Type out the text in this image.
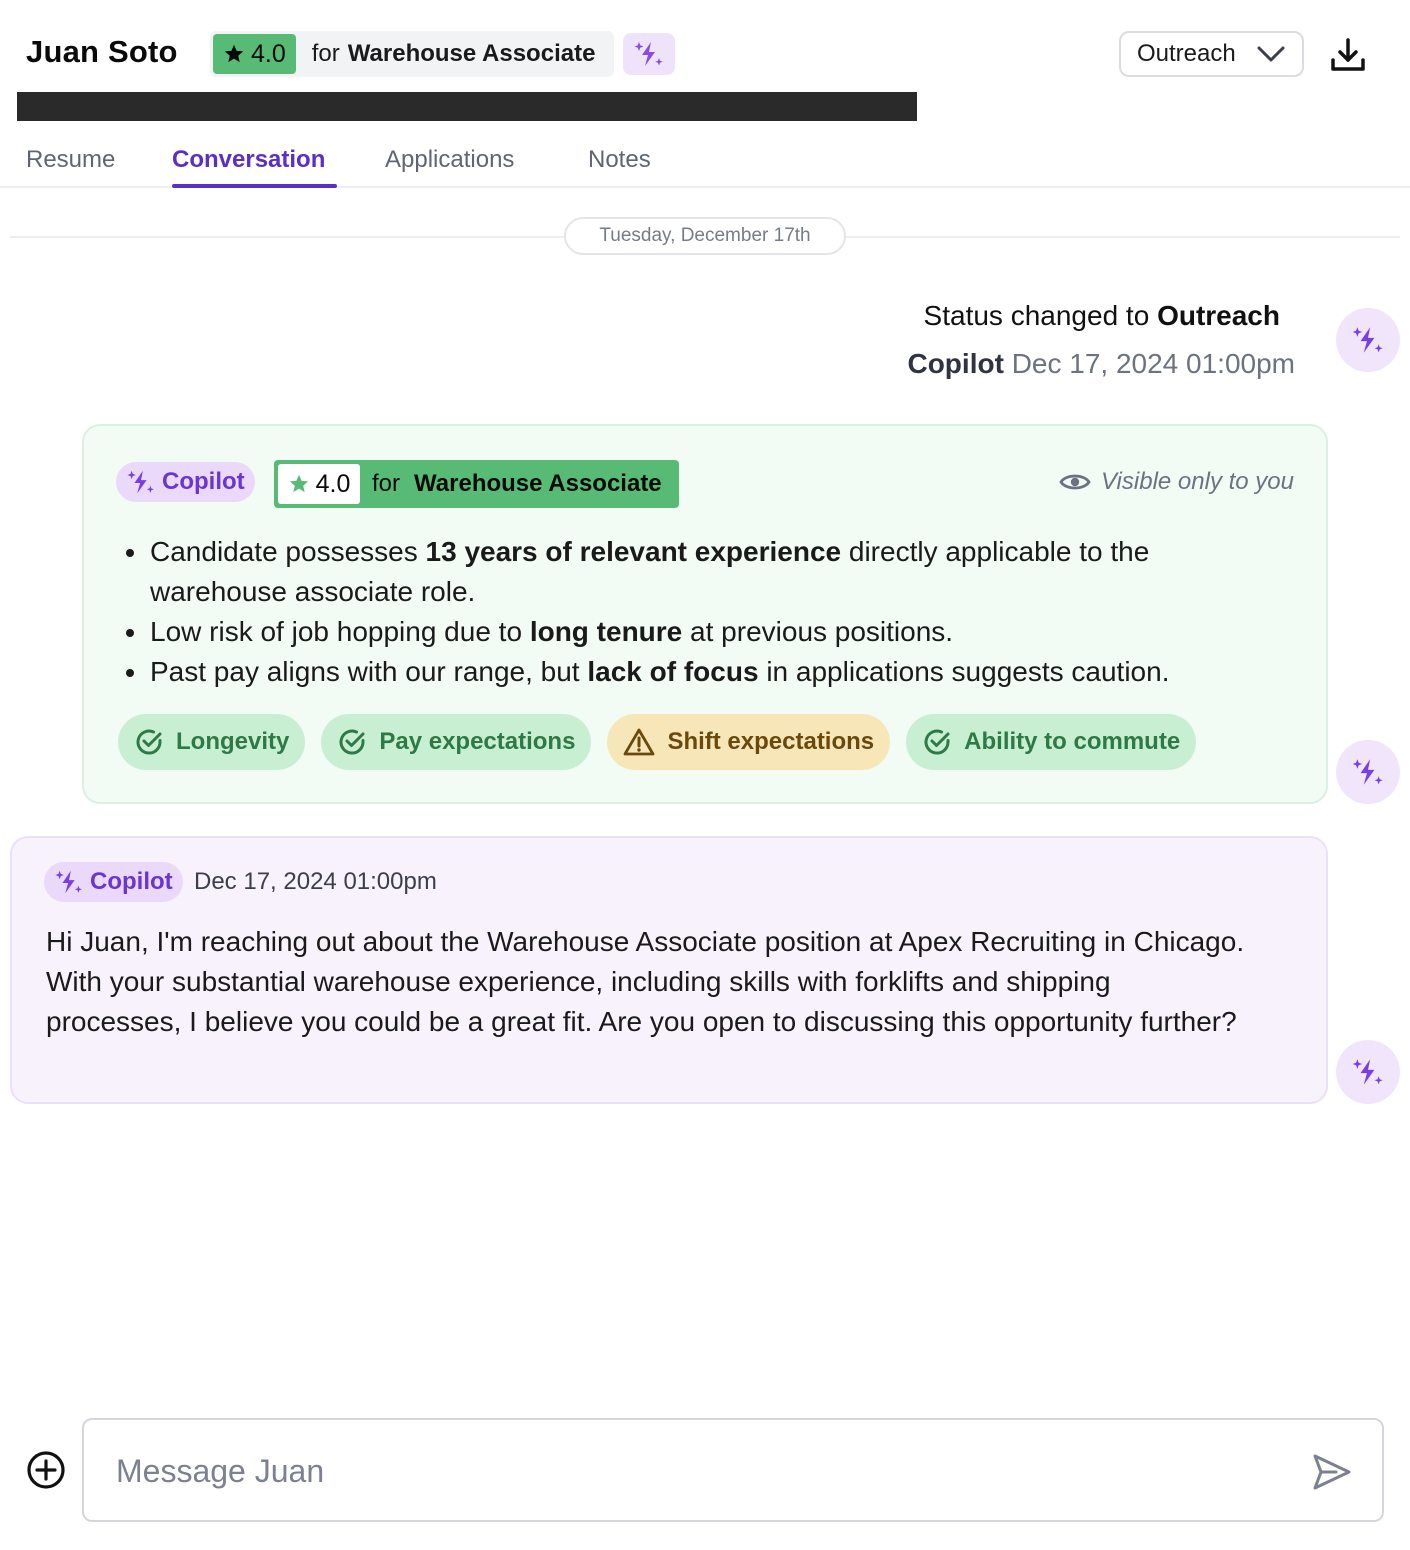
Juan Soto	4.0 for Warehouse Associate	Outreach
Resume Conversation Applications	Notes
Tuesday, December 17th
Status changed to Outreach
Copilot Dec 17, 2024 01:00pm
Copilot	4.0 for Warehouse Associate	Visible only to you
Candidate possesses 13 years of relevant experience directly applicable to the warehouse associate role.
Low risk of job hopping due to long tenure at previous positions.
Past pay aligns with our range, but lack of focus in applications suggests caution.
Longevity	Pay expectations	Shift expectations	Ability to commute
Copilot Dec 17, 2024 01:00pm
Hi Juan, I'm reaching out about the Warehouse Associate position at Apex Recruiting in Chicago. With your substantial warehouse experience, including skills with forklifts and shipping processes, I believe you could be a great fit. Are you open to discussing this opportunity further?
Message Juan
